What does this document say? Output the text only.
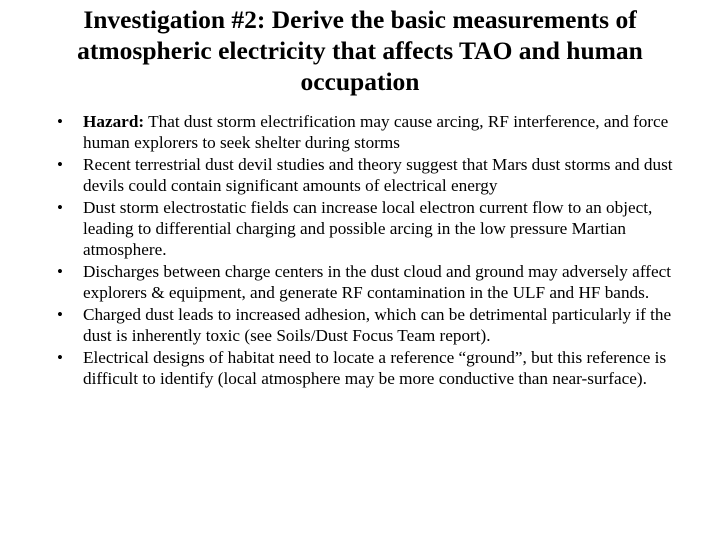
Investigation #2: Derive the basic measurements of
atmospheric electricity that affects TAO and human
occupation
•	Hazard: That dust storm electrification may cause arcing, RF interference, and force human explorers to seek shelter during storms
•	Recent terrestrial dust devil studies and theory suggest that Mars dust storms and dust devils could contain significant amounts of electrical energy
•	Dust storm electrostatic fields can increase local electron current flow to an object, leading to differential charging and possible arcing in the low pressure Martian atmosphere.
•	Discharges between charge centers in the dust cloud and ground may adversely affect explorers & equipment, and generate RF contamination in the ULF and HF bands.
•	Charged dust leads to increased adhesion, which can be detrimental particularly if the dust is inherently toxic (see Soils/Dust Focus Team report).
•	Electrical designs of habitat need to locate a reference “ground”, but this reference is difficult to identify (local atmosphere may be more conductive than near-surface).
